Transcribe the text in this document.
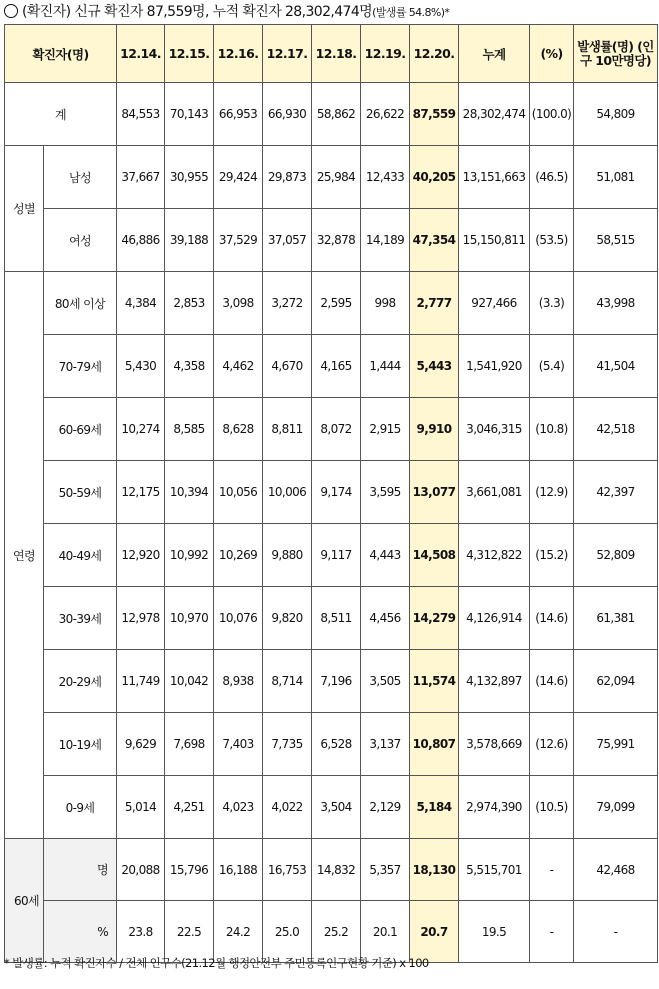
(확진자) 신규 확진자 87,559명, 누적 확진자 28,302,474명(발생률 54.8%)*
확진자(명)		12.14.	12.15.	12.16.	12.17.	12.18.	12.19.	12.20.	누계	(%)	발생률(명) (인구 10만명당)
계		84,553	70,143	66,953	66,930	58,862	26,622	87,559	28,302,474	(100.0)	54,809
성별	남성	37,667	30,955	29,424	29,873	25,984	12,433	40,205	13,151,663	(46.5)	51,081
	여성	46,886	39,188	37,529	37,057	32,878	14,189	47,354	15,150,811	(53.5)	58,515
연령	80세 이상	4,384	2,853	3,098	3,272	2,595	998	2,777	927,466	(3.3)	43,998
	70-79세	5,430	4,358	4,462	4,670	4,165	1,444	5,443	1,541,920	(5.4)	41,504
	60-69세	10,274	8,585	8,628	8,811	8,072	2,915	9,910	3,046,315	(10.8)	42,518
	50-59세	12,175	10,394	10,056	10,006	9,174	3,595	13,077	3,661,081	(12.9)	42,397
	40-49세	12,920	10,992	10,269	9,880	9,117	4,443	14,508	4,312,822	(15.2)	52,809
	30-39세	12,978	10,970	10,076	9,820	8,511	4,456	14,279	4,126,914	(14.6)	61,381
	20-29세	11,749	10,042	8,938	8,714	7,196	3,505	11,574	4,132,897	(14.6)	62,094
	10-19세	9,629	7,698	7,403	7,735	6,528	3,137	10,807	3,578,669	(12.6)	75,991
	0-9세	5,014	4,251	4,023	4,022	3,504	2,129	5,184	2,974,390	(10.5)	79,099
60세	명	20,088	15,796	16,188	16,753	14,832	5,357	18,130	5,515,701	-	42,468
	%	23.8	22.5	24.2	25.0	25.2	20.1	20.7	19.5	-	-
* 발생률: 누적 확진자수 / 전체 인구수(21.12월 행정안전부 주민등록인구현황 기준) x 100
